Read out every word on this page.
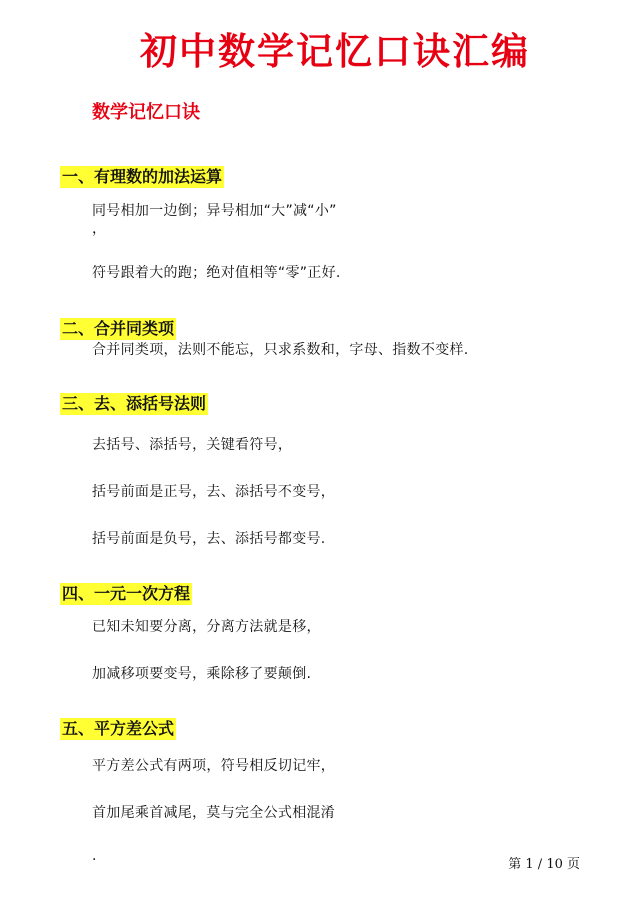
初中数学记忆口诀汇编
数学记忆口诀
一、有理数的加法运算
同号相加一边倒；异号相加“大”减“小”
，
符号跟着大的跑；绝对值相等“零”正好.
二、合并同类项
合并同类项，法则不能忘，只求系数和，字母、指数不变样.
三、去、添括号法则
去括号、添括号，关键看符号，
括号前面是正号，去、添括号不变号，
括号前面是负号，去、添括号都变号.
四、一元一次方程
已知未知要分离，分离方法就是移，
加减移项要变号，乘除移了要颠倒.
五、平方差公式
平方差公式有两项，符号相反切记牢，
首加尾乘首减尾，莫与完全公式相混淆
.
第 1 / 10 页
